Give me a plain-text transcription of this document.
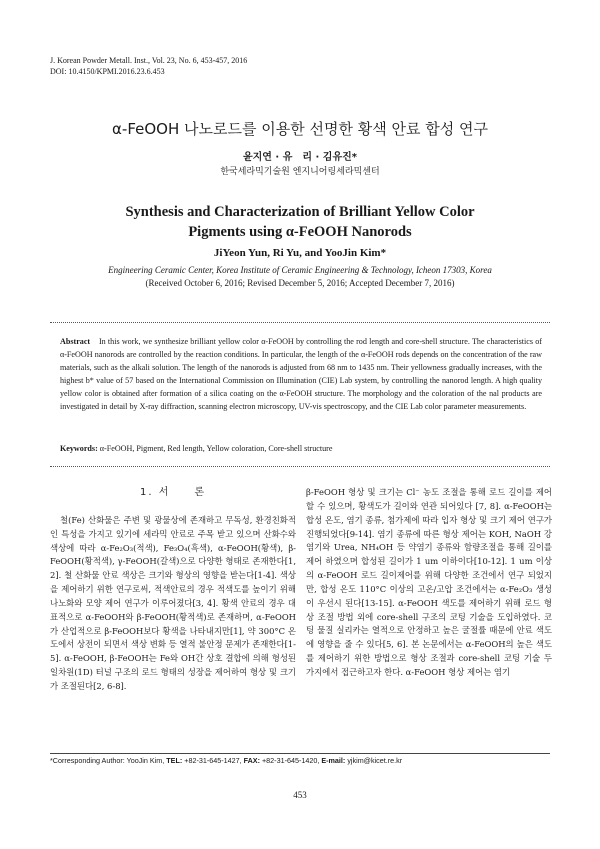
J. Korean Powder Metall. Inst., Vol. 23, No. 6, 453-457, 2016
DOI: 10.4150/KPMI.2016.23.6.453
α-FeOOH 나노로드를 이용한 선명한 황색 안료 합성 연구
윤지연 · 유　리 · 김유진*
한국세라믹기술원 엔지니어링세라믹센터
Synthesis and Characterization of Brilliant Yellow Color
Pigments using α-FeOOH Nanorods
JiYeon Yun, Ri Yu, and YooJin Kim*
Engineering Ceramic Center, Korea Institute of Ceramic Engineering & Technology, Icheon 17303, Korea
(Received October 6, 2016; Revised December 5, 2016; Accepted December 7, 2016)
Abstract In this work, we synthesize brilliant yellow color α-FeOOH by controlling the rod length and core-shell structure. The characteristics of α-FeOOH nanorods are controlled by the reaction conditions. In particular, the length of the α-FeOOH rods depends on the concentration of the raw materials, such as the alkali solution. The length of the nanorods is adjusted from 68 nm to 1435 nm. Their yellowness gradually increases, with the highest b* value of 57 based on the International Commission on Illumination (CIE) Lab system, by controlling the nanorod length. A high quality yellow color is obtained after formation of a silica coating on the α-FeOOH structure. The morphology and the coloration of the nal products are investigated in detail by X-ray diffraction, scanning electron microscopy, UV-vis spectroscopy, and the CIE Lab color parameter measurements.
Keywords: α-FeOOH, Pigment, Red length, Yellow coloration, Core-shell structure
1. 서　　론

철(Fe) 산화물은 주변 및 광물상에 존재하고 무독성, 환경친화적인 특성을 가지고 있기에 세라믹 안료로 주목 받고 있으며 산화수와 색상에 따라 α-Fe₂O₃(적색), Fe₃O₄(흑색), α-FeOOH(황색), β-FeOOH(황적색), γ-FeOOH(갈색)으로 다양한 형태로 존재한다[1, 2]. 철 산화물 안료 색상은 크기와 형상의 영향을 받는다[1-4]. 색상을 제어하기 위한 연구로써, 적색안료의 경우 적색도를 높이기 위해 나노화와 모양 제어 연구가 이루어졌다[3, 4]. 황색 안료의 경우 대표적으로 α-FeOOH와 β-FeOOH(황적색)로 존재하며, α-FeOOH가 산업적으로 β-FeOOH보다 황색을 나타내지만[1], 약 300°C 온도에서 상전이 되면서 색상 변화 등 열적 불안정 문제가 존재한다[1-5]. α-FeOOH, β-FeOOH는 Fe와 OH간 상호 결합에 의해 형성된 일차원(1D) 터널 구조의 로드 형태의 성장을 제어하여 형상 및 크기가 조절된다[2, 6-8].

β-FeOOH 형상 및 크기는 Cl⁻ 농도 조절을 통해 로드 길이를 제어할 수 있으며, 황색도가 길이와 연관 되어있다 [7, 8]. α-FeOOH는 합성 온도, 염기 종류, 첨가제에 따라 입자 형상 및 크기 제어 연구가 진행되었다[9-14]. 염기 종류에 따른 형상 제어는 KOH, NaOH 강염기와 Urea, NH₄OH 등 약염기 종류와 함량조절을 통해 길이를 제어 하였으며 합성된 길이가 1 um 이하이다[10-12]. 1 um 이상의 α-FeOOH 로드 길이제어를 위해 다양한 조건에서 연구 되었지만, 합성 온도 110°C 이상의 고온/고압 조건에서는 α-Fe₂O₃ 생성이 우선시 된다[13-15]. α-FeOOH 색도를 제어하기 위해 로드 형상 조절 방법 외에 core-shell 구조의 코팅 기술을 도입하였다. 코팅 물질 실리카는 열적으로 안정하고 높은 굴절률 때문에 안료 색도에 영향을 줄 수 있다[5, 6]. 본 논문에서는 α-FeOOH의 높은 색도를 제어하기 위한 방법으로 형상 조절과 core-shell 코팅 기술 두 가지에서 접근하고자 한다. α-FeOOH 형상 제어는 염기

*Corresponding Author: YooJin Kim, TEL: +82-31-645-1427, FAX: +82-31-645-1420, E-mail: yjkim@kicet.re.kr
453
